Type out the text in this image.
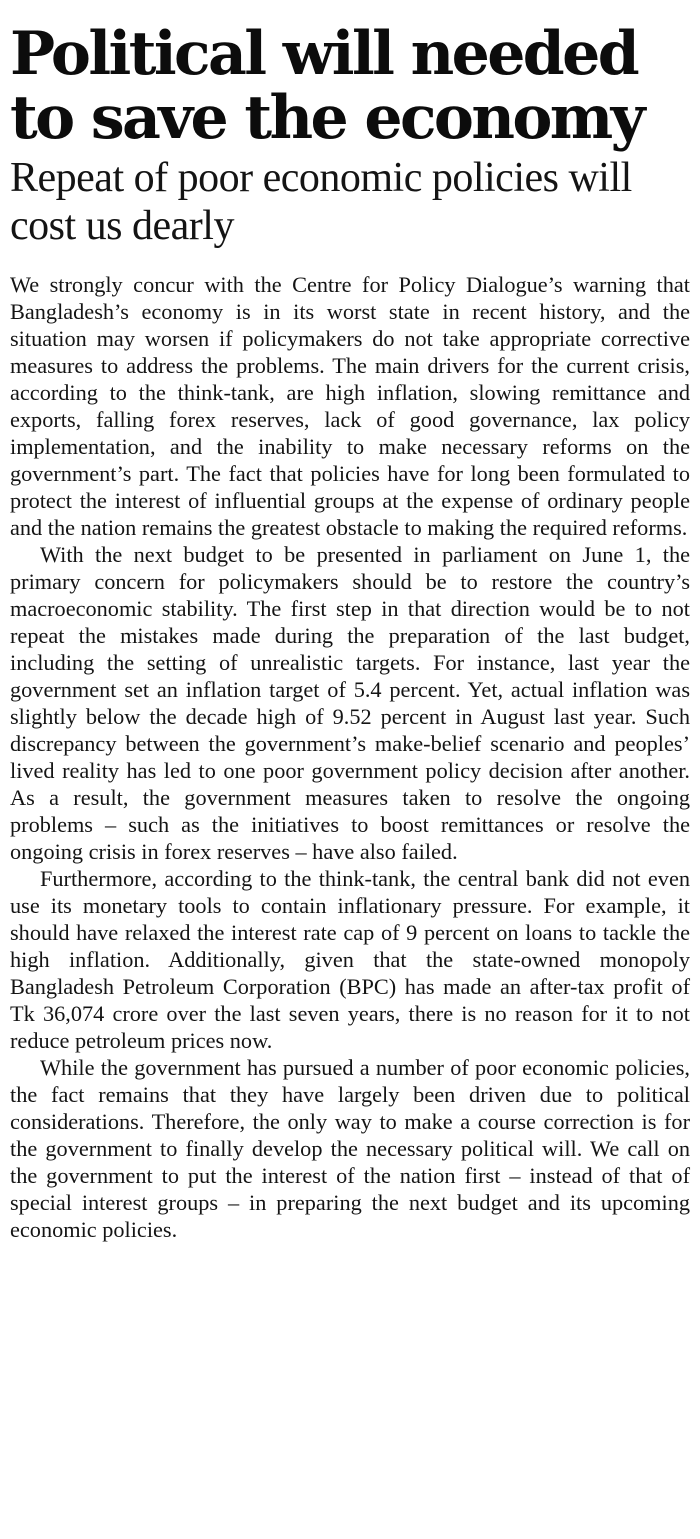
Political will needed to save the economy
Repeat of poor economic policies will cost us dearly

We strongly concur with the Centre for Policy Dialogue’s warning that Bangladesh’s economy is in its worst state in recent history, and the situation may worsen if policymakers do not take appropriate corrective measures to address the problems. The main drivers for the current crisis, according to the think-tank, are high inflation, slowing remittance and exports, falling forex reserves, lack of good governance, lax policy implementation, and the inability to make necessary reforms on the government’s part. The fact that policies have for long been formulated to protect the interest of influential groups at the expense of ordinary people and the nation remains the greatest obstacle to making the required reforms.

With the next budget to be presented in parliament on June 1, the primary concern for policymakers should be to restore the country’s macroeconomic stability. The first step in that direction would be to not repeat the mistakes made during the preparation of the last budget, including the setting of unrealistic targets. For instance, last year the government set an inflation target of 5.4 percent. Yet, actual inflation was slightly below the decade high of 9.52 percent in August last year. Such discrepancy between the government’s make-belief scenario and peoples’ lived reality has led to one poor government policy decision after another. As a result, the government measures taken to resolve the ongoing problems – such as the initiatives to boost remittances or resolve the ongoing crisis in forex reserves – have also failed.

Furthermore, according to the think-tank, the central bank did not even use its monetary tools to contain inflationary pressure. For example, it should have relaxed the interest rate cap of 9 percent on loans to tackle the high inflation. Additionally, given that the state-owned monopoly Bangladesh Petroleum Corporation (BPC) has made an after-tax profit of Tk 36,074 crore over the last seven years, there is no reason for it to not reduce petroleum prices now.

While the government has pursued a number of poor economic policies, the fact remains that they have largely been driven due to political considerations. Therefore, the only way to make a course correction is for the government to finally develop the necessary political will. We call on the government to put the interest of the nation first – instead of that of special interest groups – in preparing the next budget and its upcoming economic policies.
